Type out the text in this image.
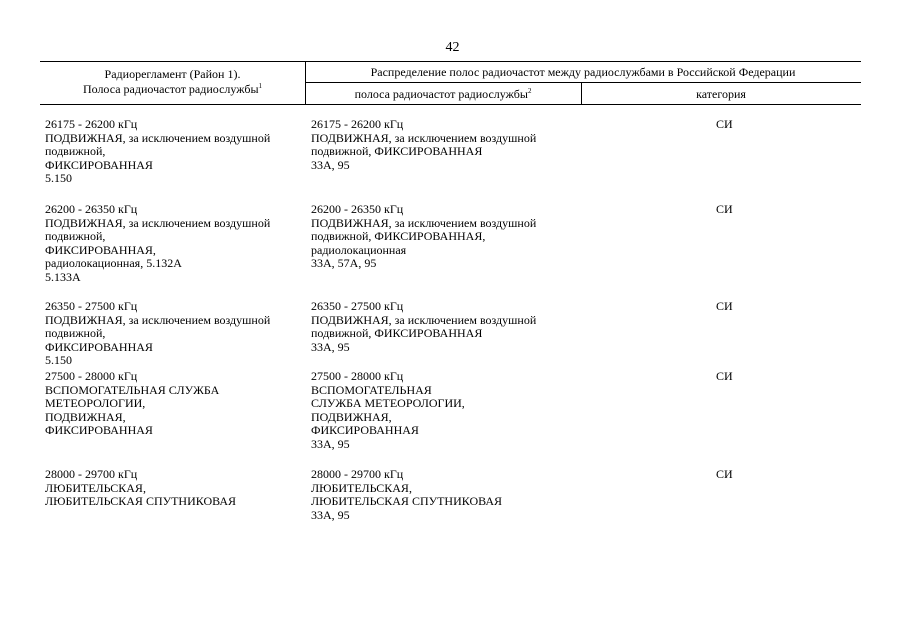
42
Радиорегламент (Район 1).
Полоса радиочастот радиослужбы$^1$
Распределение полос радиочастот между радиослужбами в Российской Федерации
полоса радиочастот радиослужбы$^2$	категория
26175 - 26200 кГц
ПОДВИЖНАЯ, за исключением воздушной
подвижной,
ФИКСИРОВАННАЯ
5.150
26175 - 26200 кГц
ПОДВИЖНАЯ, за исключением воздушной
подвижной, ФИКСИРОВАННАЯ
33А, 95
СИ
26200 - 26350 кГц
ПОДВИЖНАЯ, за исключением воздушной
подвижной,
ФИКСИРОВАННАЯ,
радиолокационная, 5.132А
5.133А
26200 - 26350 кГц
ПОДВИЖНАЯ, за исключением воздушной
подвижной, ФИКСИРОВАННАЯ,
радиолокационная
33А, 57А, 95
СИ
26350 - 27500 кГц
ПОДВИЖНАЯ, за исключением воздушной
подвижной,
ФИКСИРОВАННАЯ
5.150
26350 - 27500 кГц
ПОДВИЖНАЯ, за исключением воздушной
подвижной, ФИКСИРОВАННАЯ
33А, 95
СИ
27500 - 28000 кГц
ВСПОМОГАТЕЛЬНАЯ СЛУЖБА
МЕТЕОРОЛОГИИ,
ПОДВИЖНАЯ,
ФИКСИРОВАННАЯ
27500 - 28000 кГц
ВСПОМОГАТЕЛЬНАЯ
СЛУЖБА МЕТЕОРОЛОГИИ,
ПОДВИЖНАЯ,
ФИКСИРОВАННАЯ
33А, 95
СИ
28000 - 29700 кГц
ЛЮБИТЕЛЬСКАЯ,
ЛЮБИТЕЛЬСКАЯ СПУТНИКОВАЯ
28000 - 29700 кГц
ЛЮБИТЕЛЬСКАЯ,
ЛЮБИТЕЛЬСКАЯ СПУТНИКОВАЯ
33А, 95
СИ
